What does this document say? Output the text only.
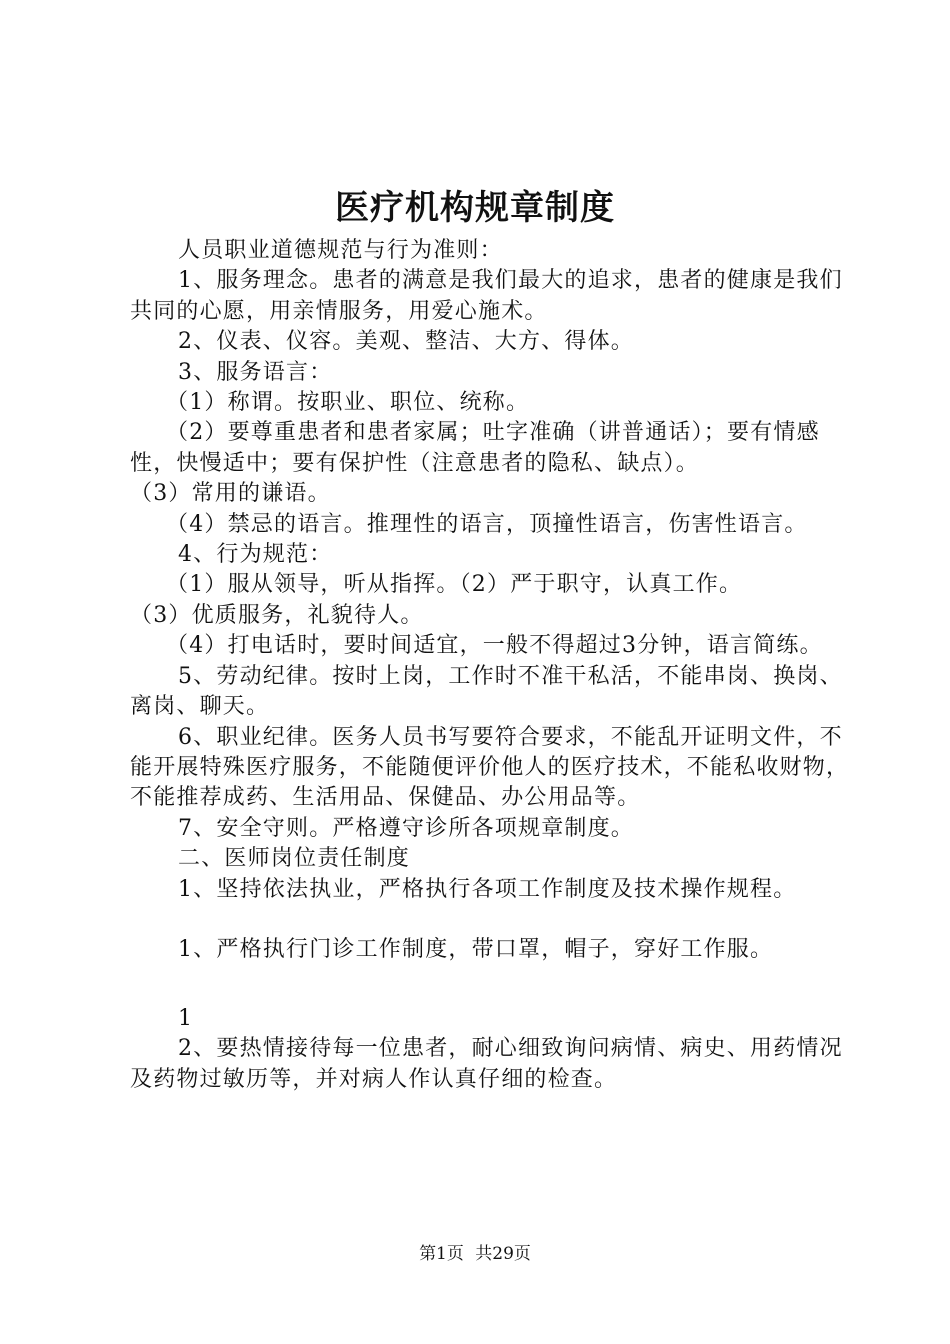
医疗机构规章制度

人员职业道德规范与行为准则：

1、服务理念。患者的满意是我们最大的追求，患者的健康是我们共同的心愿，用亲情服务，用爱心施术。

2、仪表、仪容。美观、整洁、大方、得体。

3、服务语言：

（1）称谓。按职业、职位、统称。

（2）要尊重患者和患者家属；吐字准确（讲普通话）；要有情感性，快慢适中；要有保护性（注意患者的隐私、缺点）。

（3）常用的谦语。

（4）禁忌的语言。推理性的语言，顶撞性语言，伤害性语言。

4、行为规范：

（1）服从领导，听从指挥。（2）严于职守，认真工作。

（3）优质服务，礼貌待人。

（4）打电话时，要时间适宜，一般不得超过3分钟，语言简练。

5、劳动纪律。按时上岗，工作时不准干私活，不能串岗、换岗、离岗、聊天。

6、职业纪律。医务人员书写要符合要求，不能乱开证明文件，不能开展特殊医疗服务，不能随便评价他人的医疗技术，不能私收财物，不能推荐成药、生活用品、保健品、办公用品等。

7、安全守则。严格遵守诊所各项规章制度。

二、医师岗位责任制度

1、坚持依法执业，严格执行各项工作制度及技术操作规程。

1、严格执行门诊工作制度，带口罩，帽子，穿好工作服。

1

2、要热情接待每一位患者，耐心细致询问病情、病史、用药情况及药物过敏历等，并对病人作认真仔细的检查。

第1页 共29页
